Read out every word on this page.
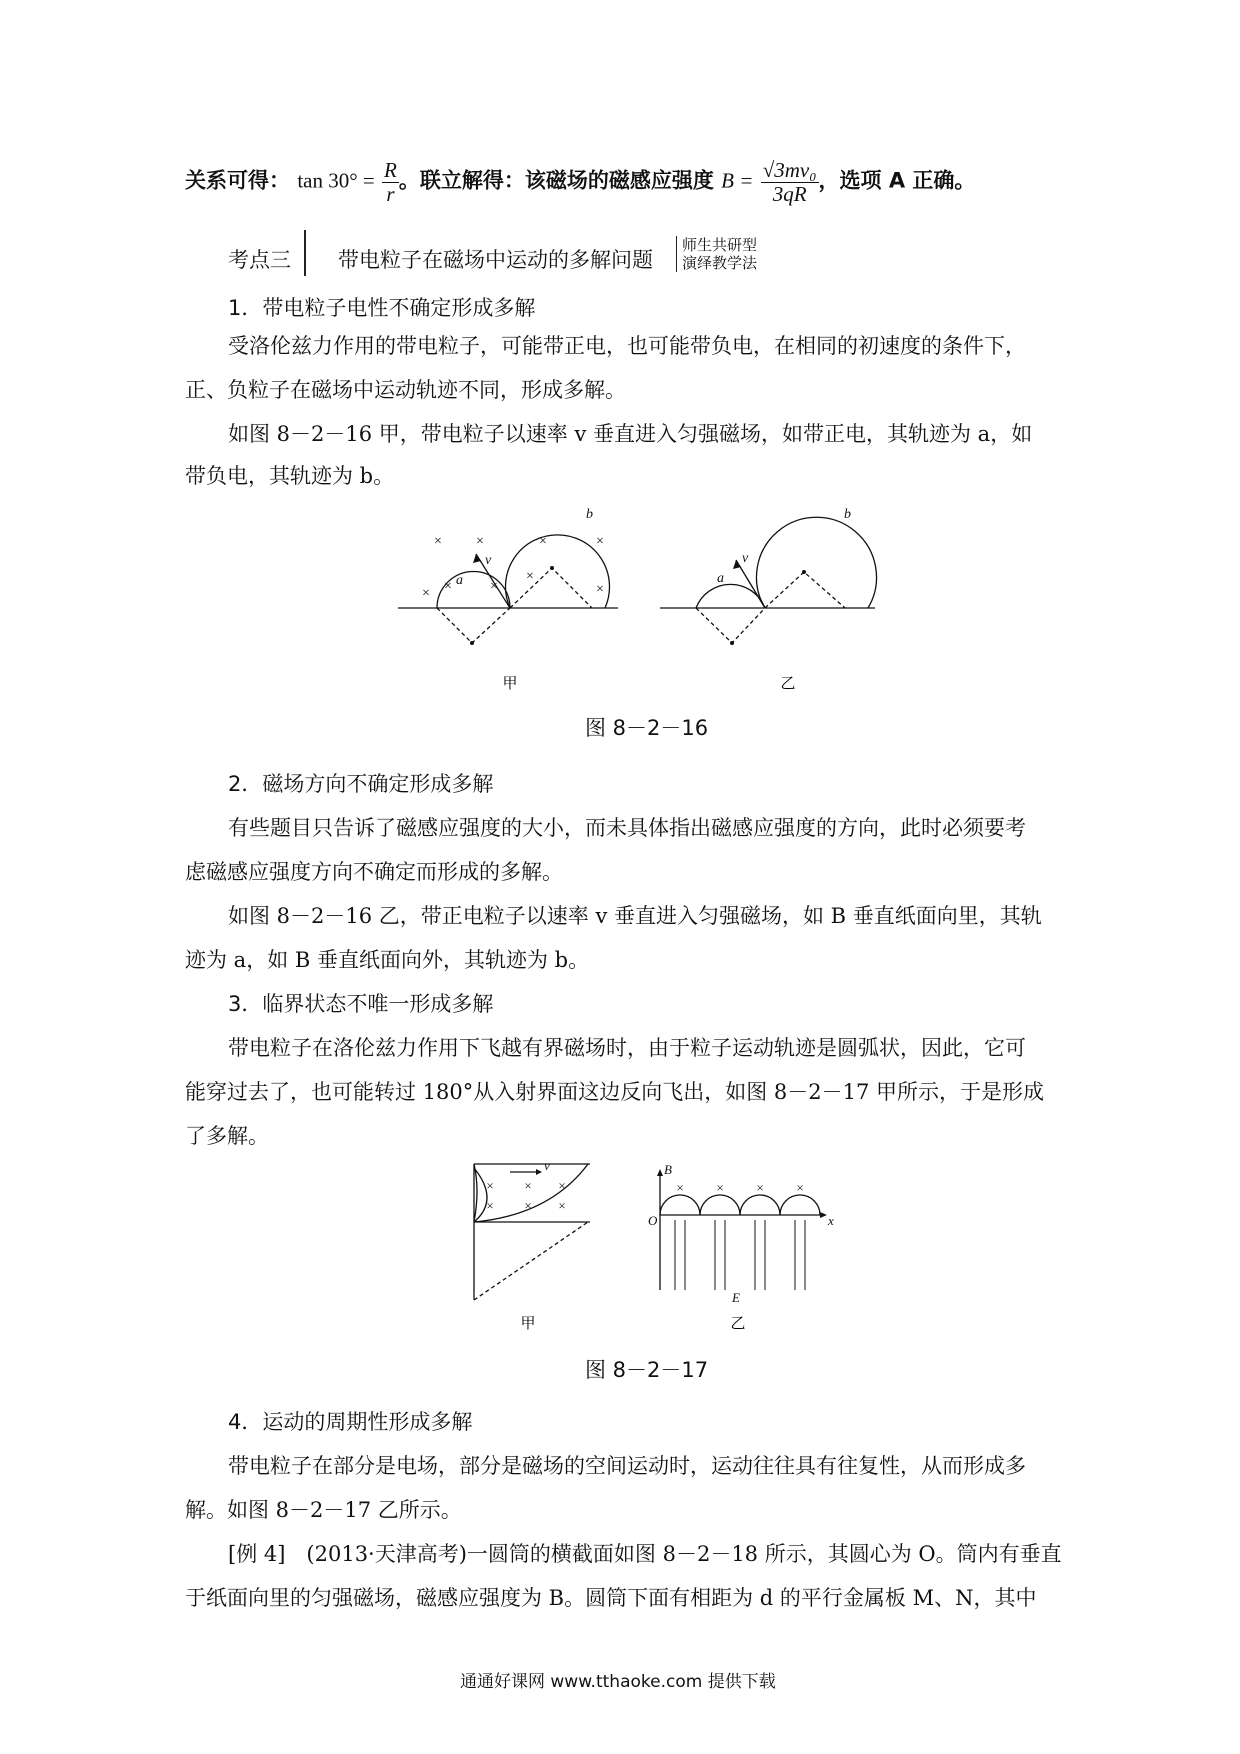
关系可得： $\tan 30^\circ = \frac{R}{r}$ 。联立解得：该磁场的磁感应强度 $B = \frac{\text{√3mv₀}}{3qR}$ ，选项 A 正确。
考点三 带电粒子在磁场中运动的多解问题
师生共研型
演绎教学法
1．带电粒子电性不确定形成多解
受洛伦兹力作用的带电粒子，可能带正电，也可能带负电，在相同的初速度的条件下，
正、负粒子在磁场中运动轨迹不同，形成多解。
如图 8－2－16 甲，带电粒子以速率 v 垂直进入匀强磁场，如带正电，其轨迹为 a，如
带负电，其轨迹为 b。
× ×	×	×
×
×	×	×
×
a
v
b
a
v
b
甲	乙
图 8－2－16
2．磁场方向不确定形成多解
有些题目只告诉了磁感应强度的大小，而未具体指出磁感应强度的方向，此时必须要考
虑磁感应强度方向不确定而形成的多解。
如图 8－2－16 乙，带正电粒子以速率 v 垂直进入匀强磁场，如 B 垂直纸面向里，其轨
迹为 a，如 B 垂直纸面向外，其轨迹为 b。
3．临界状态不唯一形成多解
带电粒子在洛伦兹力作用下飞越有界磁场时，由于粒子运动轨迹是圆弧状，因此，它可
能穿过去了，也可能转过 180°从入射界面这边反向飞出，如图 8－2－17 甲所示，于是形成
了多解。
× × ×
× × ×
×	×	×	×
v	B
O	x
E
甲	乙
图 8－2－17
4．运动的周期性形成多解
带电粒子在部分是电场，部分是磁场的空间运动时，运动往往具有往复性，从而形成多
解。如图 8－2－17 乙所示。
[例 4]　(2013·天津高考)一圆筒的横截面如图 8－2－18 所示，其圆心为 O。筒内有垂直
于纸面向里的匀强磁场，磁感应强度为 B。圆筒下面有相距为 d 的平行金属板 M、N，其中
通通好课网 www.tthaoke.com 提供下载
